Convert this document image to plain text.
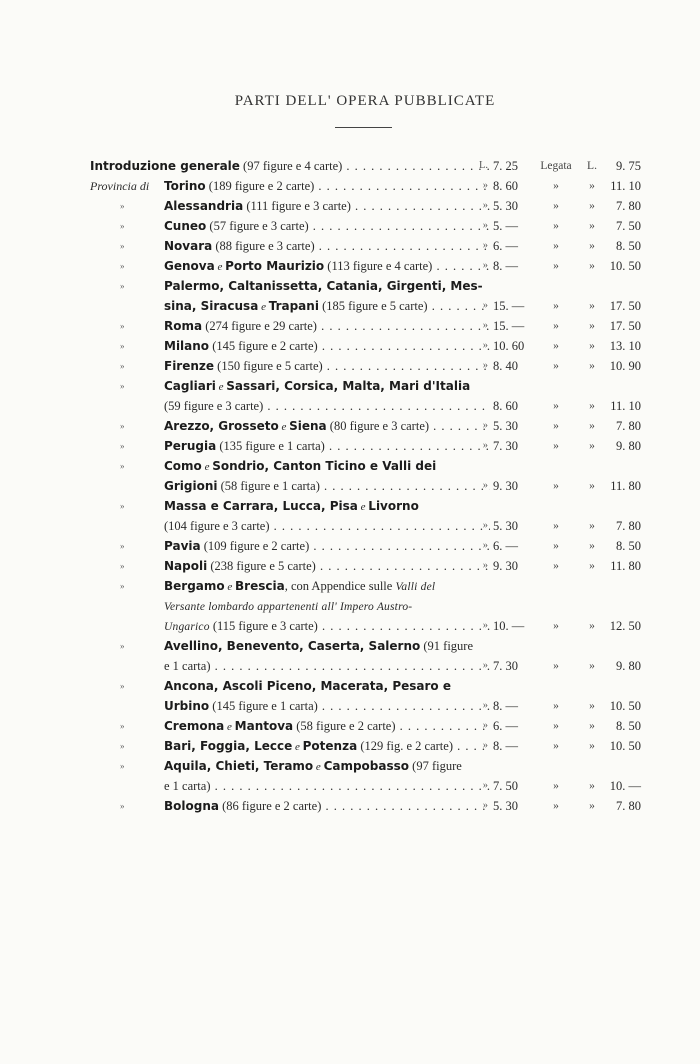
PARTI DELL' OPERA PUBBLICATE
Introduzione generale (97 figure e 4 carte) . . .	L. 7. 25	Legata	L.	9. 75
Provincia di Torino (189 figure e 2 carte) . . .	» 8. 60	»	»	11. 10
»	Alessandria (111 figure e 3 carte) . . .	» 5. 30	»	»	7. 80
»	Cuneo (57 figure e 3 carte) . . .	» 5. —	»	»	7. 50
»	Novara (88 figure e 3 carte) . . .	» 6. —	»	»	8. 50
»	Genova e Porto Maurizio (113 figure e 4 carte) . . .	» 8. —	»	»	10. 50
»	Palermo, Caltanissetta, Catania, Girgenti, Mes-
sina, Siracusa e Trapani (185 figure e 5 carte) . . .	» 15. —	»	»	17. 50
»	Roma (274 figure e 29 carte) . . .	» 15. —	»	»	17. 50
»	Milano (145 figure e 2 carte) . . .	» 10. 60	»	»	13. 10
»	Firenze (150 figure e 5 carte) . . .	» 8. 40	»	»	10. 90
»	Cagliari e Sassari, Corsica, Malta, Mari d'Italia
(59 figure e 3 carte) . . .	8. 60	»	»	11. 10
»	Arezzo, Grosseto e Siena (80 figure e 3 carte) . . .	» 5. 30	»	»	7. 80
»	Perugia (135 figure e 1 carta) . . .	» 7. 30	»	»	9. 80
»	Como e Sondrio, Canton Ticino e Valli dei
Grigioni (58 figure e 1 carta) . . .	» 9. 30	»	»	11. 80
»	Massa e Carrara, Lucca, Pisa e Livorno
(104 figure e 3 carte) . . .	» 5. 30	»	»	7. 80
»	Pavia (109 figure e 2 carte) . . .	» 6. —	»	»	8. 50
»	Napoli (238 figure e 5 carte) . . .	» 9. 30	»	»	11. 80
»	Bergamo e Brescia, con Appendice sulle Valli del
Versante lombardo appartenenti all' Impero Austro-
Ungarico (115 figure e 3 carte) . . .	» 10. —	»	»	12. 50
»	Avellino, Benevento, Caserta, Salerno (91 figure
e 1 carta) . . .	» 7. 30	»	»	9. 80
»	Ancona, Ascoli Piceno, Macerata, Pesaro e
Urbino (145 figure e 1 carta) . . .	» 8. —	»	»	10. 50
»	Cremona e Mantova (58 figure e 2 carte) . . .	» 6. —	»	»	8. 50
»	Bari, Foggia, Lecce e Potenza (129 fig. e 2 carte) . . .	» 8. —	»	»	10. 50
»	Aquila, Chieti, Teramo e Campobasso (97 figure
e 1 carta) . . .	» 7. 50	»	»	10. —
»	Bologna (86 figure e 2 carte) . . .	» 5. 30	»	»	7. 80
